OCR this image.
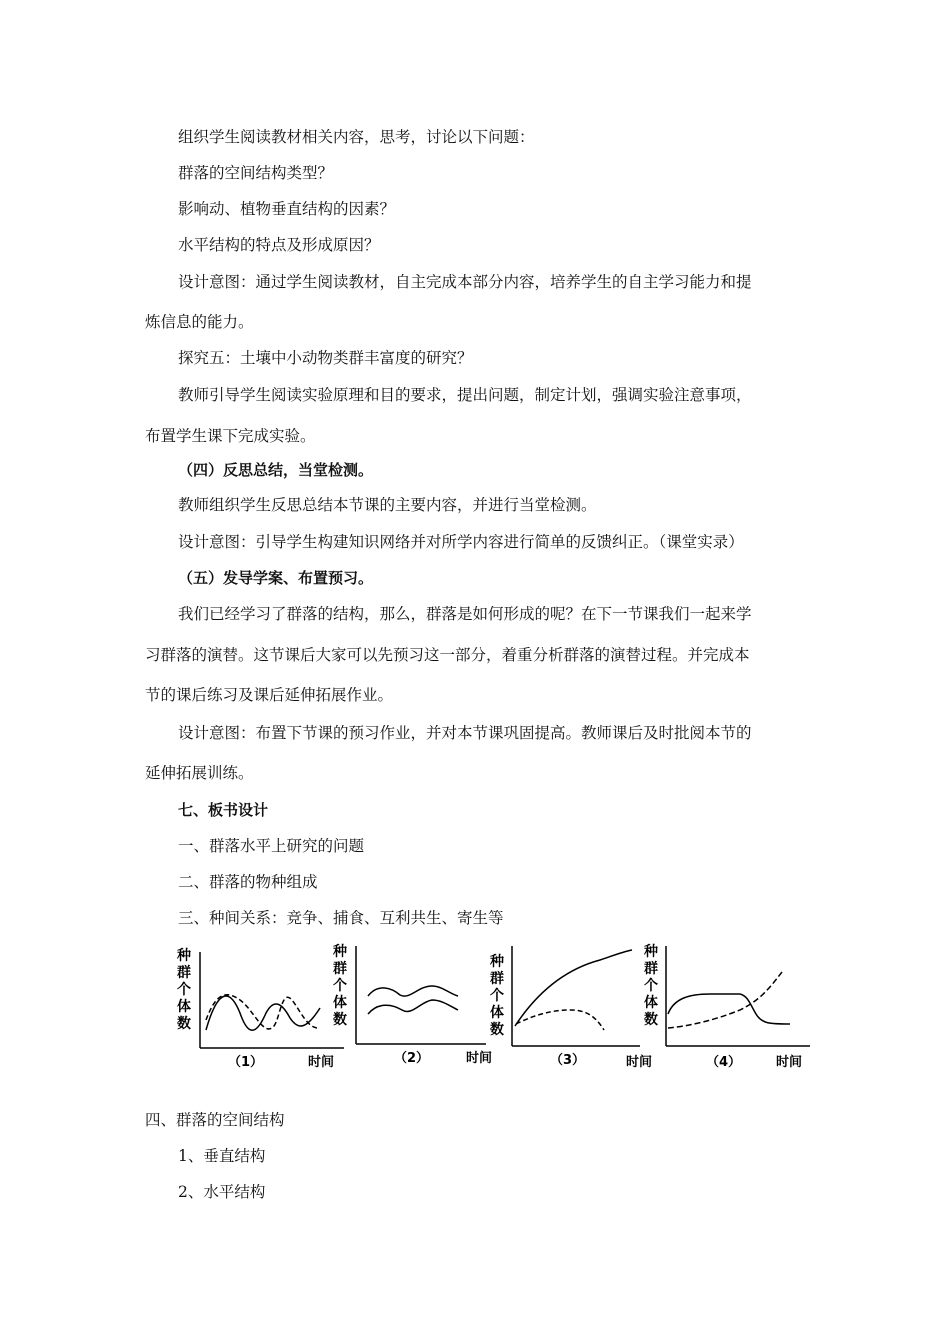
组织学生阅读教材相关内容，思考，讨论以下问题：
群落的空间结构类型？
影响动、植物垂直结构的因素？
水平结构的特点及形成原因？
设计意图：通过学生阅读教材，自主完成本部分内容，培养学生的自主学习能力和提
炼信息的能力。
探究五：土壤中小动物类群丰富度的研究？
教师引导学生阅读实验原理和目的要求，提出问题，制定计划，强调实验注意事项，
布置学生课下完成实验。
（四）反思总结，当堂检测。
教师组织学生反思总结本节课的主要内容，并进行当堂检测。
设计意图：引导学生构建知识网络并对所学内容进行简单的反馈纠正。（课堂实录）
（五）发导学案、布置预习。
我们已经学习了群落的结构，那么，群落是如何形成的呢？在下一节课我们一起来学
习群落的演替。这节课后大家可以先预习这一部分，着重分析群落的演替过程。并完成本
节的课后练习及课后延伸拓展作业。
设计意图：布置下节课的预习作业，并对本节课巩固提高。教师课后及时批阅本节的
延伸拓展训练。
七、板书设计
一、群落水平上研究的问题
二、群落的物种组成
三、种间关系：竞争、捕食、互利共生、寄生等
种
群
个
体
数
（1）	时间
种
群
个
体
数
（2）	时间
种
群
个
体
数
（3）	时间
种
群
个
体
数
（4）	时间
四、群落的空间结构
1、垂直结构
2、水平结构
